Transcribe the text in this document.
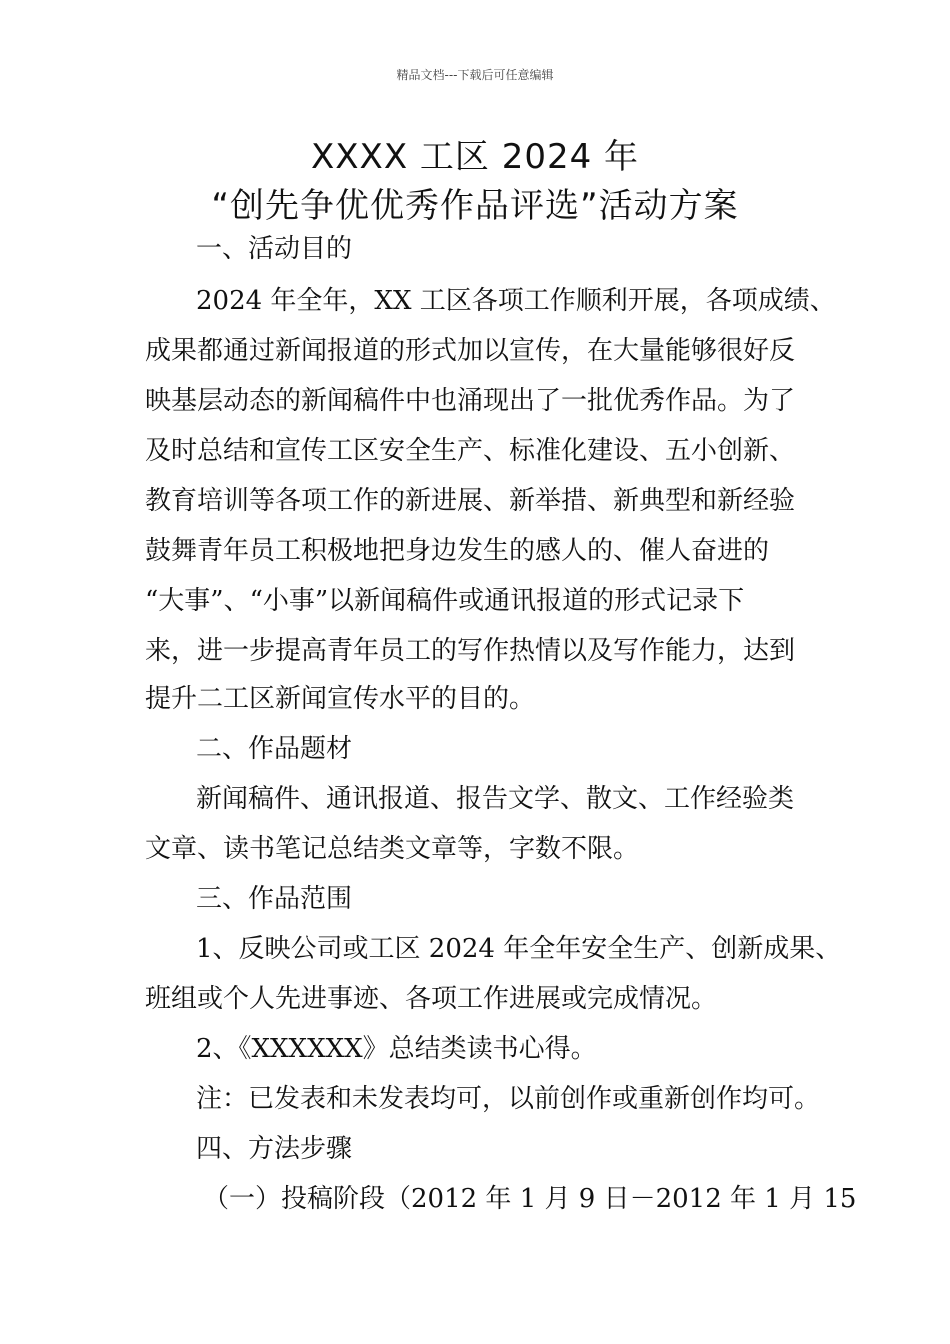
精品文档---下载后可任意编辑
XXXX 工区 2024 年
“创先争优优秀作品评选”活动方案
一、活动目的
2024 年全年，XX 工区各项工作顺利开展，各项成绩、
成果都通过新闻报道的形式加以宣传，在大量能够很好反
映基层动态的新闻稿件中也涌现出了一批优秀作品。为了
及时总结和宣传工区安全生产、标准化建设、五小创新、
教育培训等各项工作的新进展、新举措、新典型和新经验
鼓舞青年员工积极地把身边发生的感人的、催人奋进的
“大事”、“小事”以新闻稿件或通讯报道的形式记录下
来，进一步提高青年员工的写作热情以及写作能力，达到
提升二工区新闻宣传水平的目的。
二、作品题材
新闻稿件、通讯报道、报告文学、散文、工作经验类
文章、读书笔记总结类文章等，字数不限。
三、作品范围
1、反映公司或工区 2024 年全年安全生产、创新成果、
班组或个人先进事迹、各项工作进展或完成情况。
2、《XXXXXX》总结类读书心得。
注：已发表和未发表均可，以前创作或重新创作均可。
四、方法步骤
（一）投稿阶段（2012 年 1 月 9 日－2012 年 1 月 15
